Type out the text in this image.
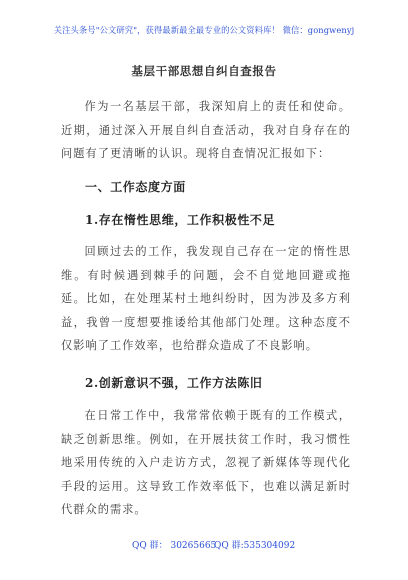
关注头条号"公文研究"，获得最新最全最专业的公文资料库！ 微信：gongwenyj
基层干部思想自纠自查报告
作为一名基层干部，我深知肩上的责任和使命。近期，通过深入开展自纠自查活动，我对自身存在的问题有了更清晰的认识。现将自查情况汇报如下：
一、工作态度方面
1.存在惰性思维，工作积极性不足
回顾过去的工作，我发现自己存在一定的惰性思维。有时候遇到棘手的问题，会不自觉地回避或拖延。比如，在处理某村土地纠纷时，因为涉及多方利益，我曾一度想要推诿给其他部门处理。这种态度不仅影响了工作效率，也给群众造成了不良影响。
2.创新意识不强，工作方法陈旧
在日常工作中，我常常依赖于既有的工作模式，缺乏创新思维。例如，在开展扶贫工作时，我习惯性地采用传统的入户走访方式，忽视了新媒体等现代化手段的运用。这导致工作效率低下，也难以满足新时代群众的需求。
QQ 群： 30265665
QQ 群:535304092
